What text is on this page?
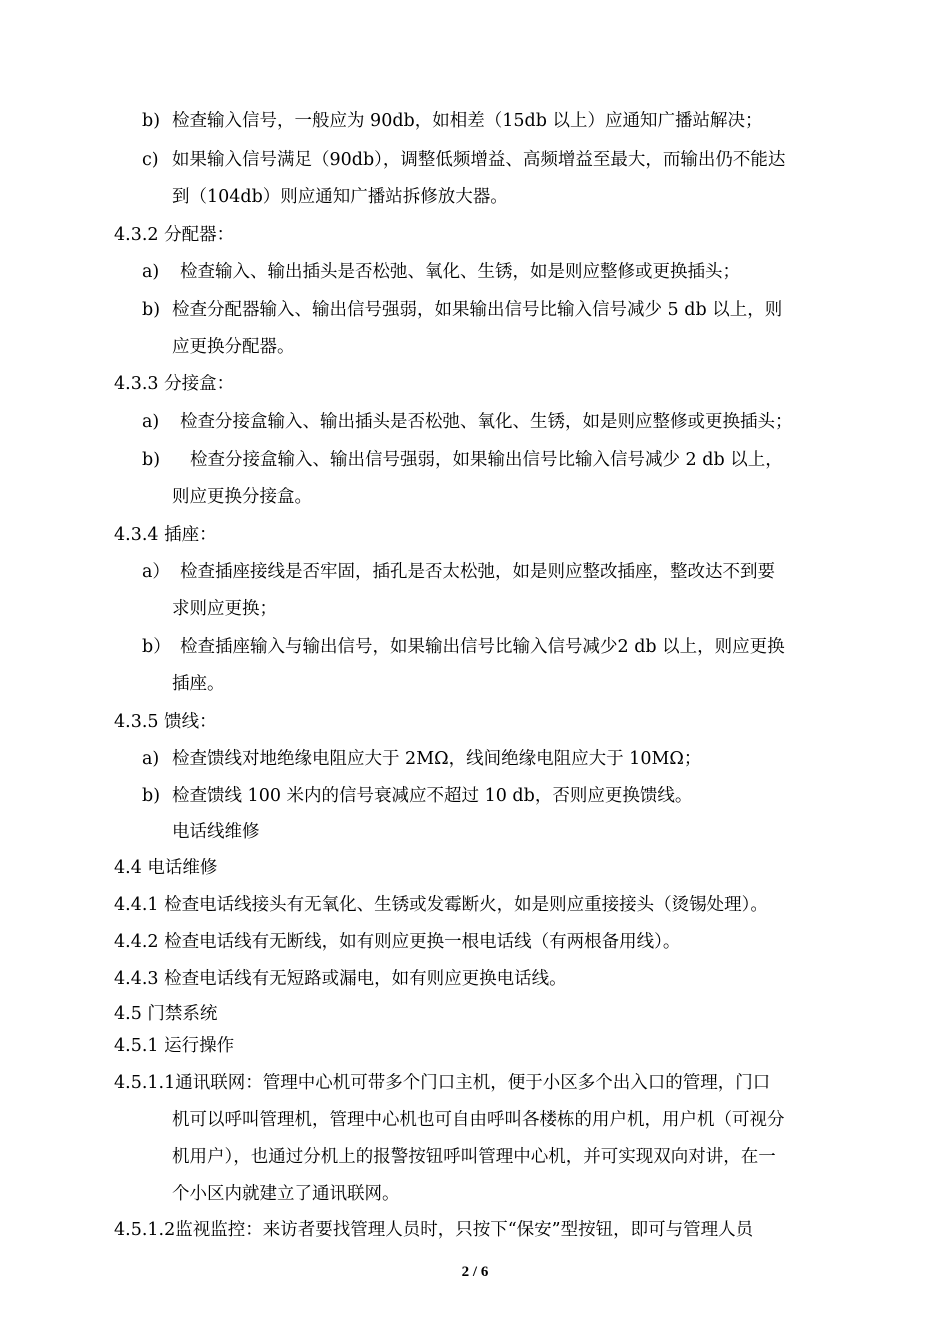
b) 检查输入信号，一般应为 90db，如相差（15db 以上）应通知广播站解决；
c) 如果输入信号满足（90db），调整低频增益、高频增益至最大，而输出仍不能达
到（104db）则应通知广播站拆修放大器。
4.3.2 分配器：
a) 检查输入、输出插头是否松弛、氧化、生锈，如是则应整修或更换插头；
b) 检查分配器输入、输出信号强弱，如果输出信号比输入信号减少 5 db 以上，则
应更换分配器。
4.3.3 分接盒：
a) 检查分接盒输入、输出插头是否松弛、氧化、生锈，如是则应整修或更换插头；
b) 检查分接盒输入、输出信号强弱，如果输出信号比输入信号减少 2 db 以上，
则应更换分接盒。
4.3.4 插座：
a） 检查插座接线是否牢固，插孔是否太松弛，如是则应整改插座，整改达不到要
求则应更换；
b） 检查插座输入与输出信号，如果输出信号比输入信号减少2 db 以上，则应更换
插座。
4.3.5 馈线：
a) 检查馈线对地绝缘电阻应大于 2MΩ，线间绝缘电阻应大于 10MΩ；
b) 检查馈线 100 米内的信号衰减应不超过 10 db，否则应更换馈线。
电话线维修
4.4 电话维修
4.4.1 检查电话线接头有无氧化、生锈或发霉断火，如是则应重接接头（烫锡处理）。
4.4.2 检查电话线有无断线，如有则应更换一根电话线（有两根备用线）。
4.4.3 检查电话线有无短路或漏电，如有则应更换电话线。
4.5 门禁系统
4.5.1 运行操作
4.5.1.1通讯联网：管理中心机可带多个门口主机，便于小区多个出入口的管理，门口
机可以呼叫管理机，管理中心机也可自由呼叫各楼栋的用户机，用户机（可视分
机用户），也通过分机上的报警按钮呼叫管理中心机，并可实现双向对讲，在一
个小区内就建立了通讯联网。
4.5.1.2监视监控：来访者要找管理人员时，只按下“保安”型按钮，即可与管理人员
2 / 6
